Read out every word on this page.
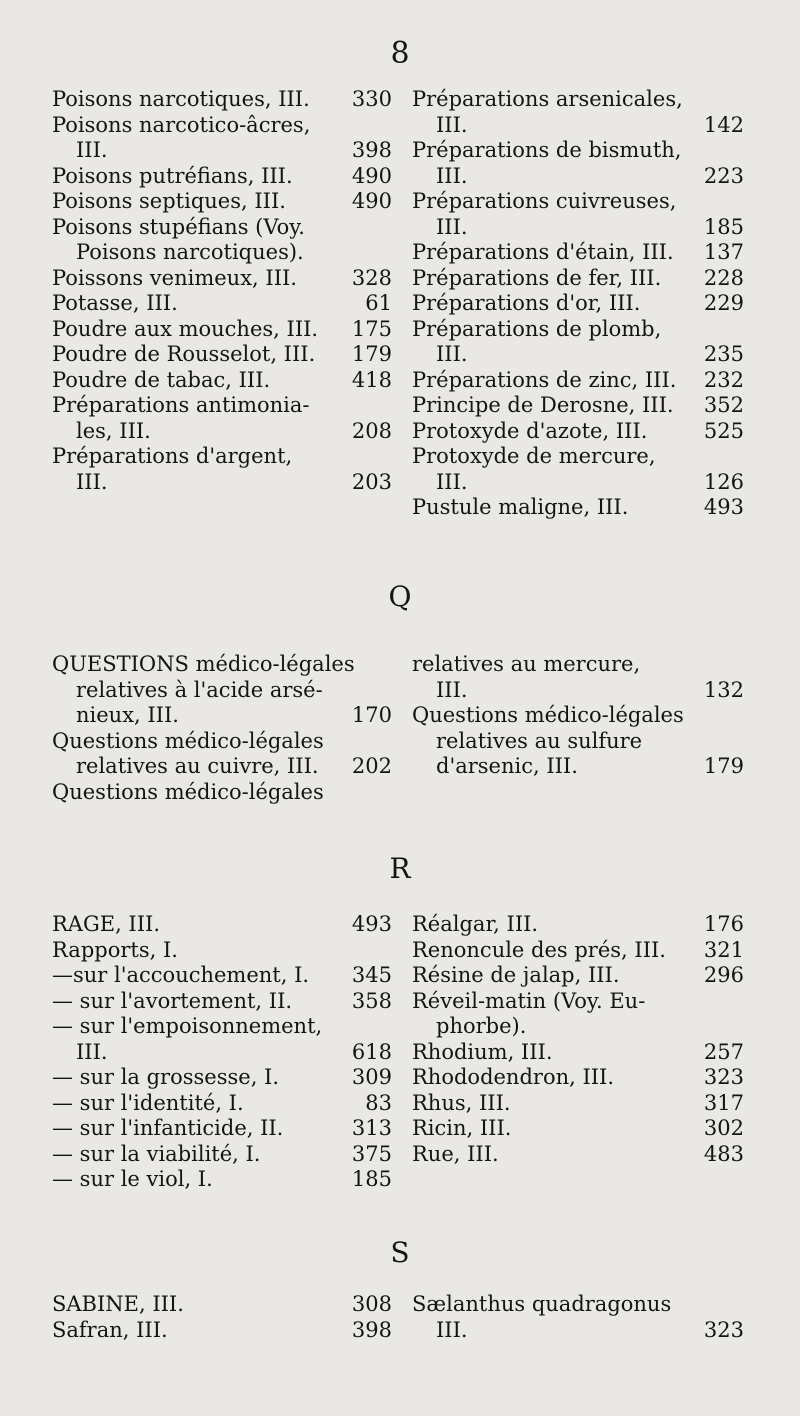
8
Poisons narcotiques, III. 330
Poisons narcotico-âcres,
III.	398
Poisons putréfians, III.	490
Poisons septiques, III.	490
Poisons stupéfians (Voy.
Poisons narcotiques).
Poissons venimeux, III.	328
Potasse, III.	61
Poudre aux mouches, III. 175
Poudre de Rousselot, III. 179
Poudre de tabac, III.	418
Préparations antimonia-
les, III.	208
Préparations d'argent,
III.	203
Préparations arsenicales,
III.	142
Préparations de bismuth,
III.	223
Préparations cuivreuses,
III.	185
Préparations d'étain, III. 137
Préparations de fer, III. 228
Préparations d'or, III.	229
Préparations de plomb,
III.	235
Préparations de zinc, III. 232
Principe de Derosne, III. 352
Protoxyde d'azote, III.	525
Protoxyde de mercure,
III.	126
Pustule maligne, III.	493
Q
QUESTIONS médico-légales
relatives à l'acide arsé-
nieux, III.	170
Questions médico-légales
relatives au cuivre, III. 202
Questions médico-légales
relatives au mercure,
III.	132
Questions médico-légales
relatives au sulfure
d'arsenic, III.	179
R
RAGE, III.	493
Rapports, I.
—sur l'accouchement, I. 345
— sur l'avortement, II.	358
— sur l'empoisonnement,
III.	618
— sur la grossesse, I.	309
— sur l'identité, I.	83
— sur l'infanticide, II.	313
— sur la viabilité, I.	375
— sur le viol, I.	185
Réalgar, III.	176
Renoncule des prés, III. 321
Résine de jalap, III.	296
Réveil-matin (Voy. Eu-
phorbe).
Rhodium, III.	257
Rhododendron, III.	323
Rhus, III.	317
Ricin, III.	302
Rue, III.	483
S
SABINE, III.	308
Safran, III.	398
Sælanthus quadragonus
III.	323
